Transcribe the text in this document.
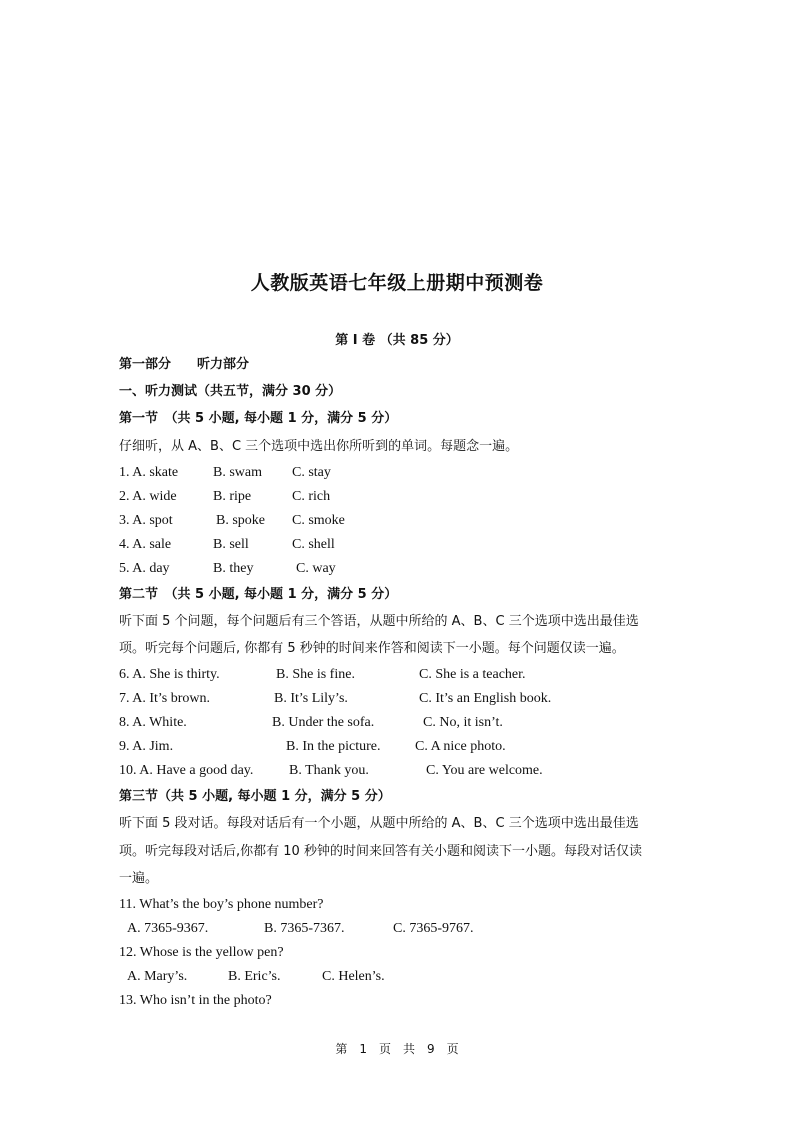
人教版英语七年级上册期中预测卷
第 I 卷 （共 85 分）
第一部分　　听力部分
一、听力测试（共五节，满分 30 分）
第一节　（共 5 小题, 每小题 1 分，满分 5 分）
仔细听，从 A、B、C 三个选项中选出你所听到的单词。每题念一遍。
1. A. skate B. swam C. stay
2. A. wide	B. ripe	C. rich
3. A. spot	B. spoke C. smoke
4. A. sale	B. sell	C. shell
5. A. day	B. they	C. way
第二节　（共 5 小题, 每小题 1 分，满分 5 分）
听下面 5 个问题，每个问题后有三个答语，从题中所给的 A、B、C 三个选项中选出最佳选
项。听完每个问题后, 你都有 5 秒钟的时间来作答和阅读下一小题。每个问题仅读一遍。
6. A. She is thirty.	B. She is fine.	C. She is a teacher.
7. A. It’s brown.	B. It’s Lily’s.	C. It’s an English book.
8. A. White.	B. Under the sofa.	C. No, it isn’t.
9. A. Jim.	B. In the picture. C. A nice photo.
10. A. Have a good day.	B. Thank you.	C. You are welcome.
第三节（共 5 小题, 每小题 1 分，满分 5 分）
听下面 5 段对话。每段对话后有一个小题，从题中所给的 A、B、C 三个选项中选出最佳选
项。听完每段对话后,你都有 10 秒钟的时间来回答有关小题和阅读下一小题。每段对话仅读
一遍。
11. What’s the boy’s phone number?
A. 7365-9367.	B. 7365-7367.	C. 7365-9767.
12. Whose is the yellow pen?
A. Mary’s.	B. Eric’s.	C. Helen’s.
13. Who isn’t in the photo?
第　1　页　共　9　页
